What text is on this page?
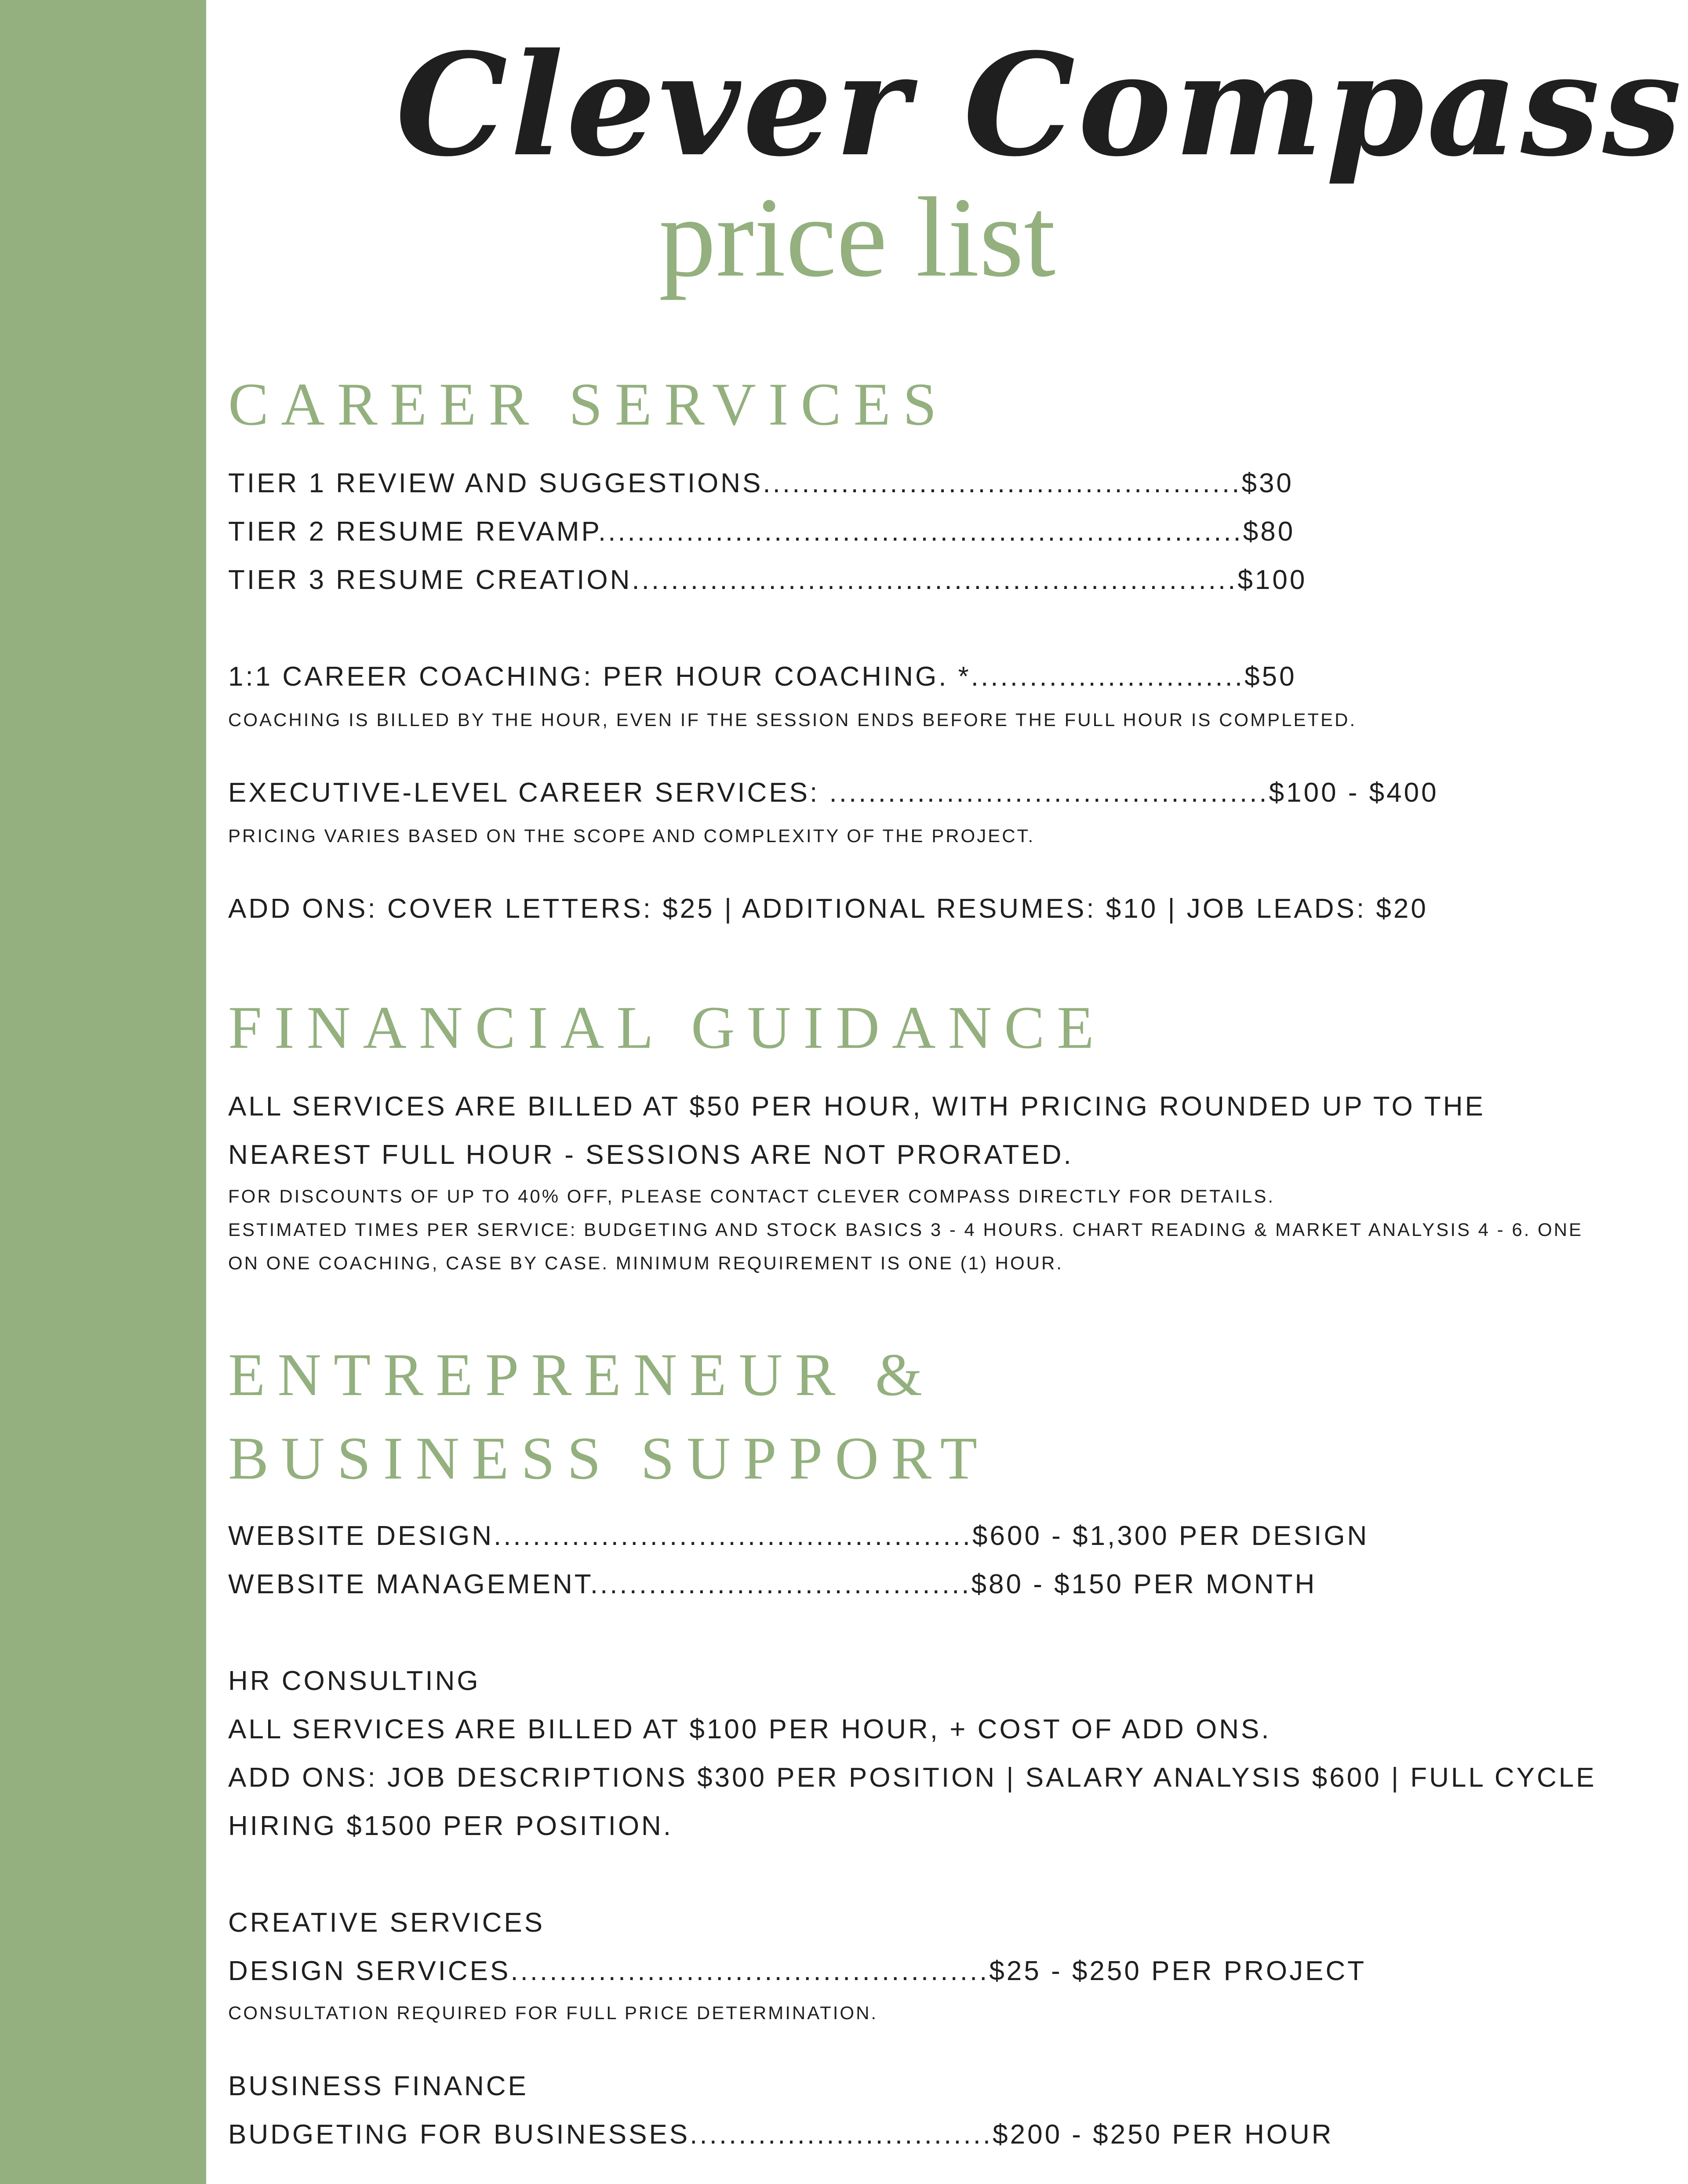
Clever Compass
price list
CAREER SERVICES
TIER 1 REVIEW AND SUGGESTIONS.................................................$30
TIER 2 RESUME REVAMP..................................................................$80
TIER 3 RESUME CREATION..............................................................$100
1:1 CAREER COACHING: PER HOUR COACHING. *............................$50
COACHING IS BILLED BY THE HOUR, EVEN IF THE SESSION ENDS BEFORE THE FULL HOUR IS COMPLETED.
EXECUTIVE-LEVEL CAREER SERVICES: .............................................$100 - $400
PRICING VARIES BASED ON THE SCOPE AND COMPLEXITY OF THE PROJECT.
ADD ONS: COVER LETTERS: $25 | ADDITIONAL RESUMES: $10 | JOB LEADS: $20
FINANCIAL GUIDANCE
ALL SERVICES ARE BILLED AT $50 PER HOUR, WITH PRICING ROUNDED UP TO THE
NEAREST FULL HOUR - SESSIONS ARE NOT PRORATED.
FOR DISCOUNTS OF UP TO 40% OFF, PLEASE CONTACT CLEVER COMPASS DIRECTLY FOR DETAILS.
ESTIMATED TIMES PER SERVICE: BUDGETING AND STOCK BASICS 3 - 4 HOURS. CHART READING & MARKET ANALYSIS 4 - 6. ONE
ON ONE COACHING, CASE BY CASE. MINIMUM REQUIREMENT IS ONE (1) HOUR.
ENTREPRENEUR &
BUSINESS SUPPORT
WEBSITE DESIGN.................................................$600 - $1,300 PER DESIGN
WEBSITE MANAGEMENT.......................................$80 - $150 PER MONTH
HR CONSULTING
ALL SERVICES ARE BILLED AT $100 PER HOUR, + COST OF ADD ONS.
ADD ONS: JOB DESCRIPTIONS $300 PER POSITION | SALARY ANALYSIS $600 | FULL CYCLE
HIRING $1500 PER POSITION.
CREATIVE SERVICES
DESIGN SERVICES.................................................$25 - $250 PER PROJECT
CONSULTATION REQUIRED FOR FULL PRICE DETERMINATION.
BUSINESS FINANCE
BUDGETING FOR BUSINESSES...............................$200 - $250 PER HOUR
